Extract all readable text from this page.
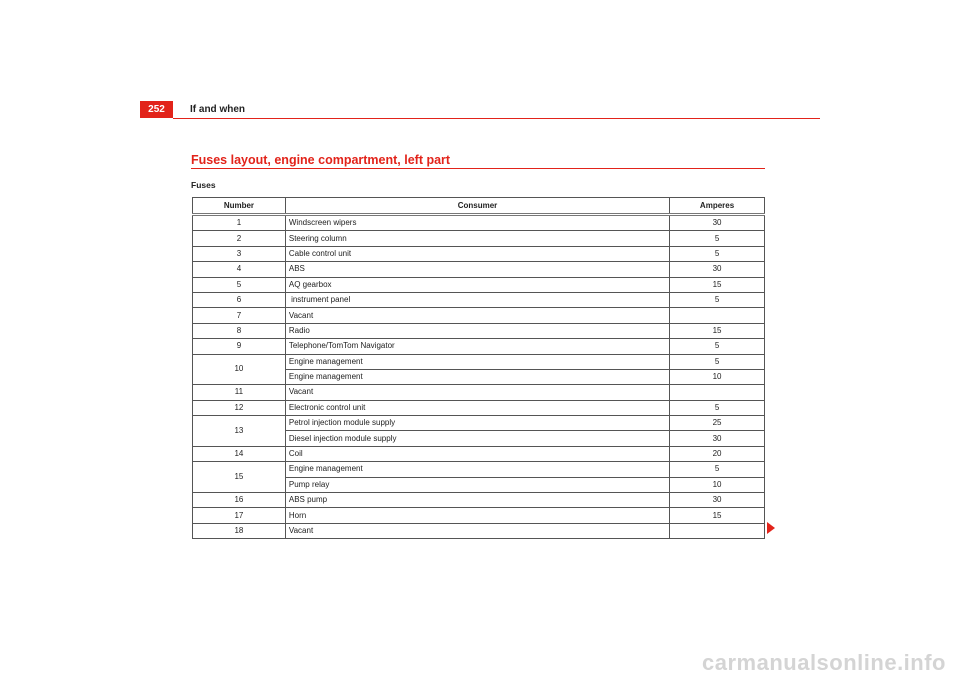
252	If and when
Fuses layout, engine compartment, left part
Fuses
Number	Consumer	Amperes
1	Windscreen wipers	30
2	Steering column	5
3	Cable control unit	5
4	ABS	30
5	AQ gearbox	15
6	instrument panel	5
7	Vacant	
8	Radio	15
9	Telephone/TomTom Navigator	5
10	Engine management	5
	Engine management	10
11	Vacant	
12	Electronic control unit	5
13	Petrol injection module supply	25
	Diesel injection module supply	30
14	Coil	20
15	Engine management	5
	Pump relay	10
16	ABS pump	30
17	Horn	15
18	Vacant	
carmanualsonline.info
